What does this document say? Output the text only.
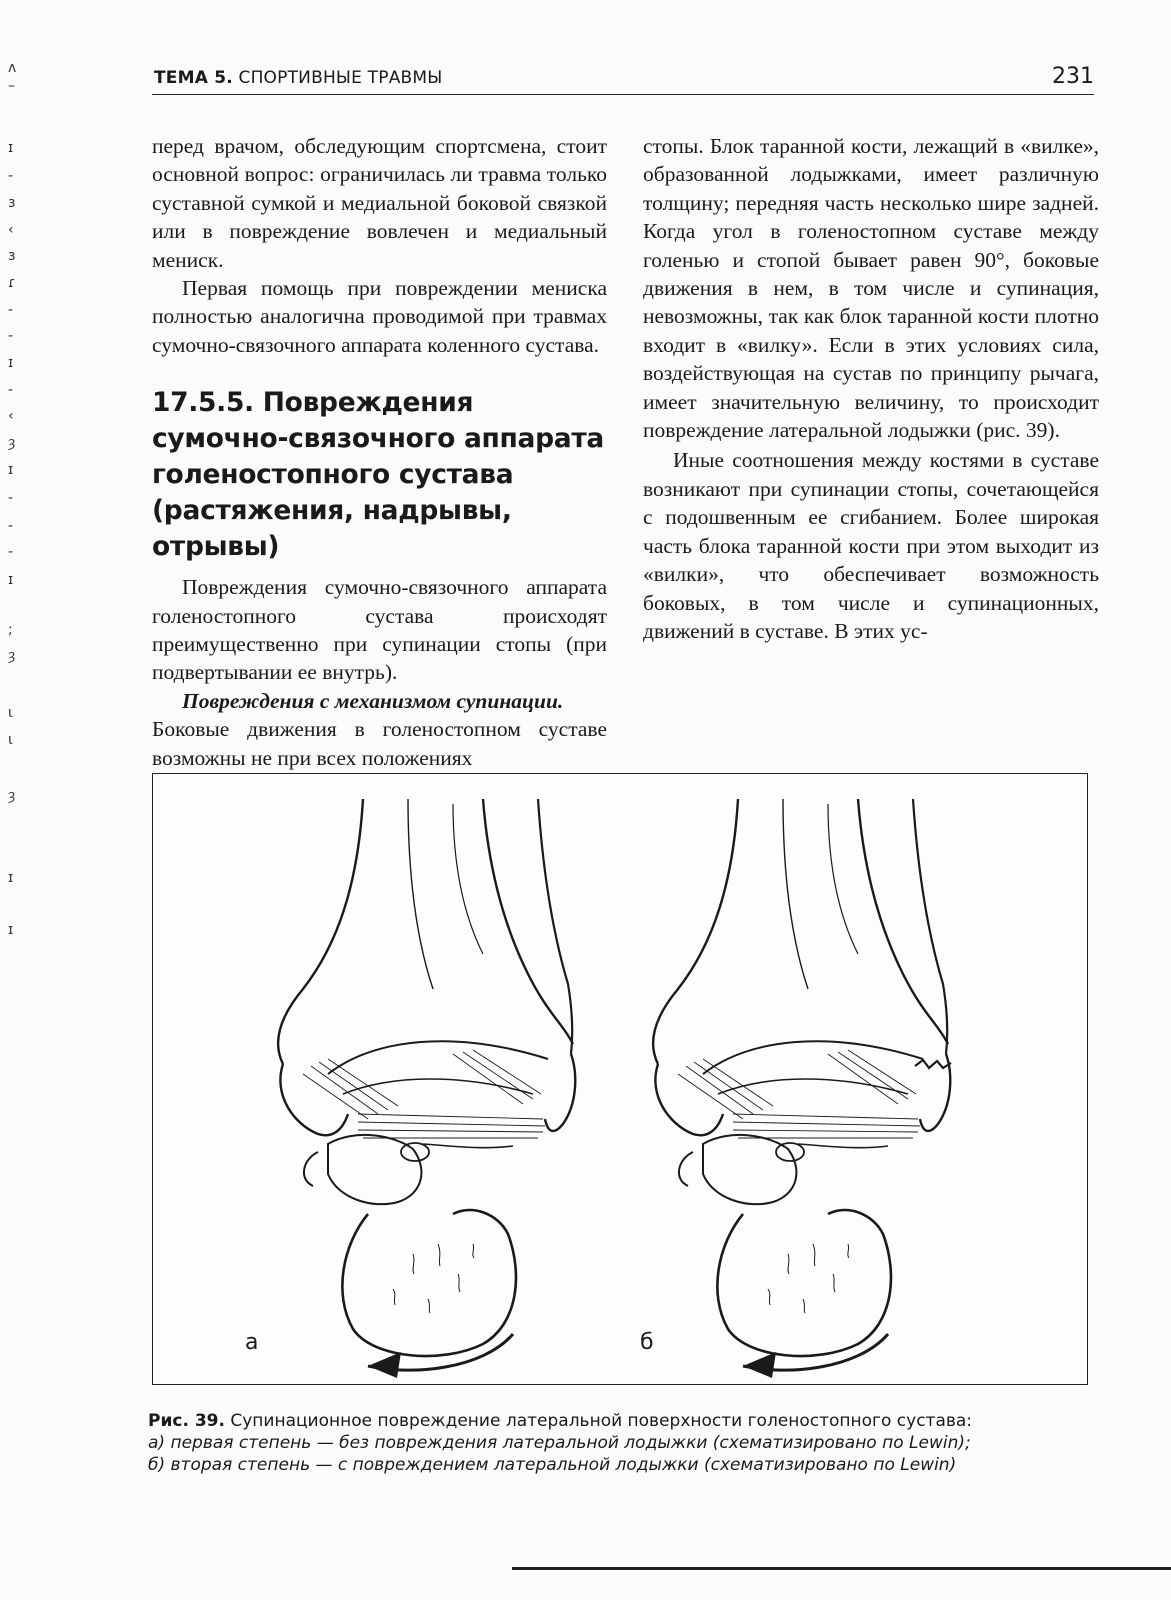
ʌ
–
ɪ
-
ɜ
‹
ɜ
ɾ
-
-
ɪ
-
‹
ȝ
ɪ
-
-
-
ɪ
;
ȝ
ɩ
ɩ
ȝ
ɪ
ɪ
ТЕМА 5. СПОРТИВНЫЕ ТРАВМЫ	231

перед врачом, обследующим спортсмена, стоит основной вопрос: ограничилась ли травма только суставной сумкой и медиальной боковой связкой или в повреждение вовлечен и медиальный мениск.

Первая помощь при повреждении мениска полностью аналогична проводимой при травмах сумочно-связочного аппарата коленного сустава.

17.5.5. Повреждения сумочно-связочного аппарата голеностопного сустава (растяжения, надрывы, отрывы)

Повреждения сумочно-связочного аппарата голеностопного сустава происходят преимущественно при супинации стопы (при подвертывании ее внутрь).

Повреждения с механизмом супинации.
Боковые движения в голеностопном суставе возможны не при всех положениях

стопы. Блок таранной кости, лежащий в «вилке», образованной лодыжками, имеет различную толщину; передняя часть несколько шире задней. Когда угол в голеностопном суставе между голенью и стопой бывает равен 90°, боковые движения в нем, в том числе и супинация, невозможны, так как блок таранной кости плотно входит в «вилку». Если в этих условиях сила, воздействующая на сустав по принципу рычага, имеет значительную величину, то происходит повреждение латеральной лодыжки (рис. 39).

Иные соотношения между костями в суставе возникают при супинации стопы, сочетающейся с подошвенным ее сгибанием. Более широкая часть блока таранной кости при этом выходит из «вилки», что обеспечивает возможность боковых, в том числе и супинационных, движений в суставе. В этих ус-

а	б
Рис. 39. Супинационное повреждение латеральной поверхности голеностопного сустава:
а) первая степень — без повреждения латеральной лодыжки (схематизировано по Lewin);
б) вторая степень — с повреждением латеральной лодыжки (схематизировано по Lewin)
